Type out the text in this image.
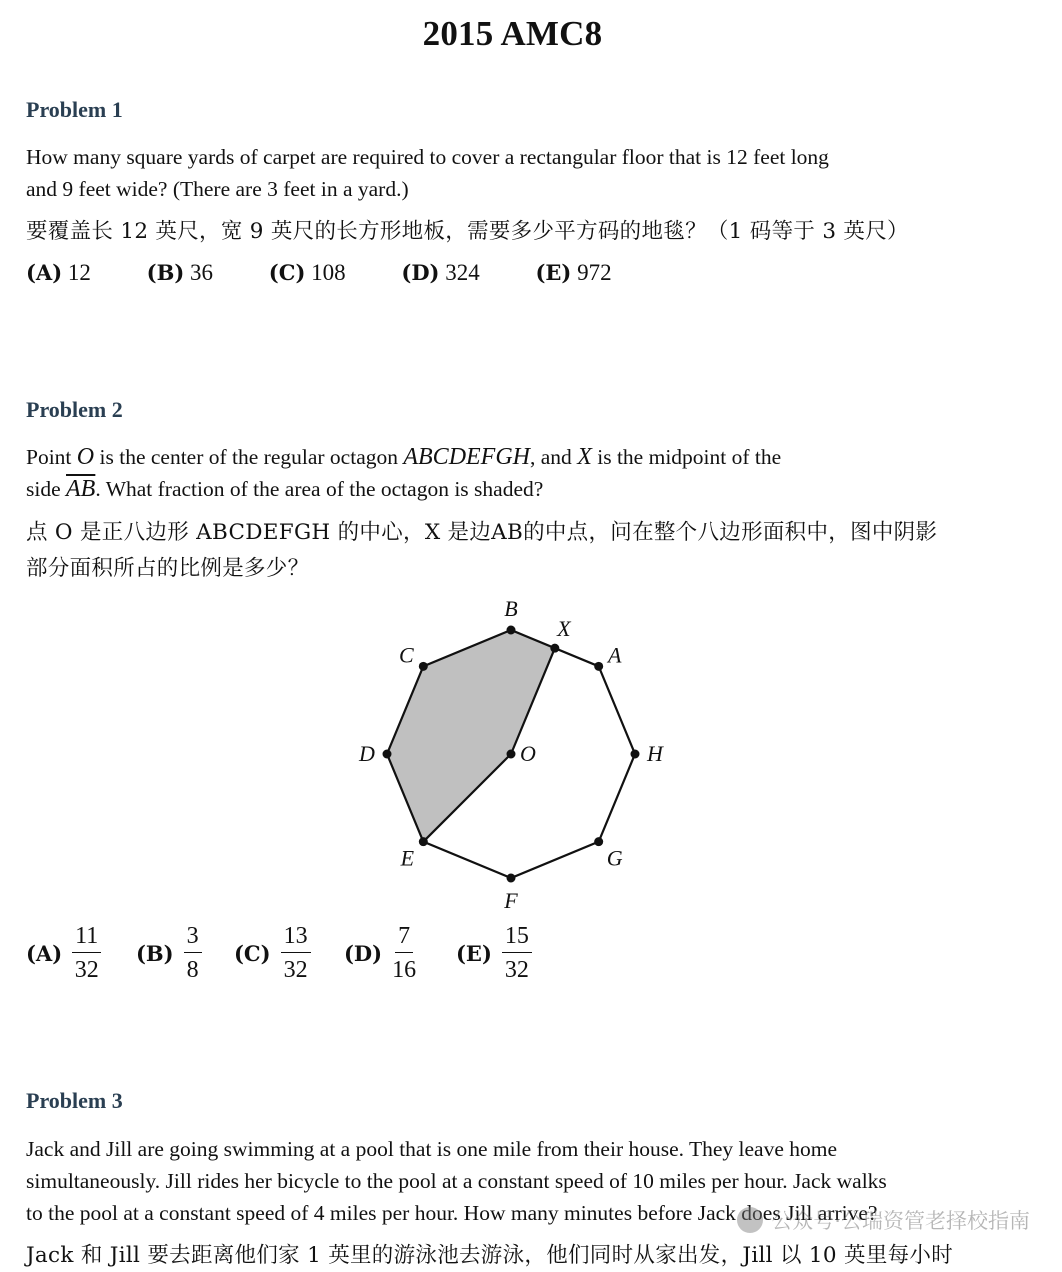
2015 AMC8
Problem 1
How many square yards of carpet are required to cover a rectangular floor that is 12 feet long
and 9 feet wide? (There are 3 feet in a yard.)
要覆盖长 12 英尺，宽 9 英尺的长方形地板，需要多少平方码的地毯？（1 码等于 3 英尺）
(A) 12	(B) 36	(C) 108	(D) 324	(E) 972
Problem 2
Point O is the center of the regular octagon ABCDEFGH, and X is the midpoint of the
side $\overline{AB}$. What fraction of the area of the octagon is shaded?
点 O 是正八边形 ABCDEFGH 的中心，X 是边AB的中点，问在整个八边形面积中，图中阴影
部分面积所占的比例是多少？
A
B
C
D
E
F
G
H
O
X
$(A) \frac{11}{32} (B) \frac{3}{8} (C) \frac{13}{32} (D) \frac{7}{16} (E) \frac{15}{32}$
Problem 3
Jack and Jill are going swimming at a pool that is one mile from their house. They leave home
simultaneously. Jill rides her bicycle to the pool at a constant speed of 10 miles per hour. Jack walks
to the pool at a constant speed of 4 miles per hour. How many minutes before Jack does Jill arrive?
Jack 和 Jill 要去距离他们家 1 英里的游泳池去游泳，他们同时从家出发，Jill 以 10 英里每小时
公众号·公瑞资管老择校指南
